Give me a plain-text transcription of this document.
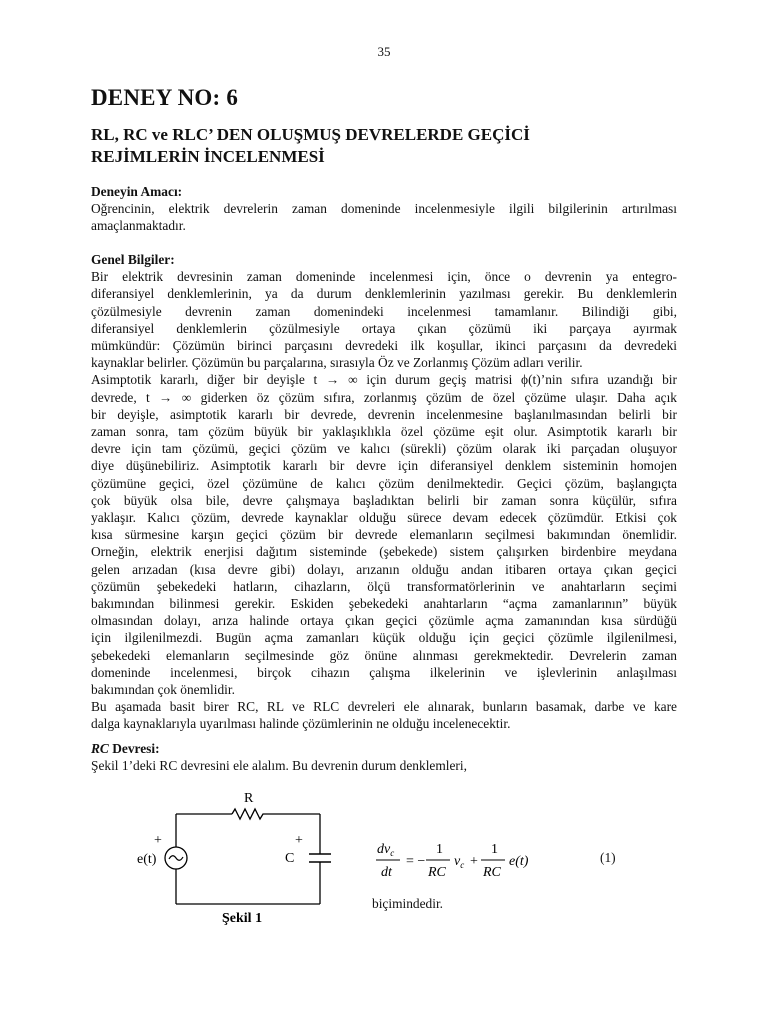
35
DENEY NO: 6
RL, RC ve RLC’ DEN OLUŞMUŞ DEVRELERDE GEÇİCİ
REJİMLERİN İNCELENMESİ
Deneyin Amacı:
Oğrencinin, elektrik devrelerin zaman domeninde incelenmesiyle ilgili bilgilerinin artırılması
amaçlanmaktadır.
Genel Bilgiler:
Bir elektrik devresinin zaman domeninde incelenmesi için, önce o devrenin ya entegro-
diferansiyel denklemlerinin, ya da durum denklemlerinin yazılması gerekir. Bu denklemlerin
çözülmesiyle devrenin zaman domenindeki incelenmesi tamamlanır. Bilindiği gibi,
diferansiyel denklemlerin çözülmesiyle ortaya çıkan çözümü iki parçaya ayırmak
mümkündür: Çözümün birinci parçasını devredeki ilk koşullar, ikinci parçasını da devredeki
kaynaklar belirler. Çözümün bu parçalarına, sırasıyla Öz ve Zorlanmış Çözüm adları verilir.
Asimptotik kararlı, diğer bir deyişle t → ∞ için durum geçiş matrisi ϕ(t)’nin sıfıra uzandığı bir
devrede, t → ∞ giderken öz çözüm sıfıra, zorlanmış çözüm de özel çözüme ulaşır. Daha açık
bir deyişle, asimptotik kararlı bir devrede, devrenin incelenmesine başlanılmasından belirli bir
zaman sonra, tam çözüm büyük bir yaklaşıklıkla özel çözüme eşit olur. Asimptotik kararlı bir
devre için tam çözümü, geçici çözüm ve kalıcı (sürekli) çözüm olarak iki parçadan oluşuyor
diye düşünebiliriz. Asimptotik kararlı bir devre için diferansiyel denklem sisteminin homojen
çözümüne geçici, özel çözümüne de kalıcı çözüm denilmektedir. Geçici çözüm, başlangıçta
çok büyük olsa bile, devre çalışmaya başladıktan belirli bir zaman sonra küçülür, sıfıra
yaklaşır. Kalıcı çözüm, devrede kaynaklar olduğu sürece devam edecek çözümdür. Etkisi çok
kısa sürmesine karşın geçici çözüm bir devrede elemanların seçilmesi bakımından önemlidir.
Orneğin, elektrik enerjisi dağıtım sisteminde (şebekede) sistem çalışırken birdenbire meydana
gelen arızadan (kısa devre gibi) dolayı, arızanın olduğu andan itibaren ortaya çıkan geçici
çözümün şebekedeki hatların, cihazların, ölçü transformatörlerinin ve anahtarların seçimi
bakımından bilinmesi gerekir. Eskiden şebekedeki anahtarların “açma zamanlarının” büyük
olmasından dolayı, arıza halinde ortaya çıkan geçici çözümle açma zamanından kısa sürdüğü
için ilgilenilmezdi. Bugün açma zamanları küçük olduğu için geçici çözümle ilgilenilmesi,
şebekedeki elemanların seçilmesinde göz önüne alınması gerekmektedir. Devrelerin zaman
domeninde incelenmesi, birçok cihazın çalışma ilkelerinin ve işlevlerinin anlaşılması
bakımından çok önemlidir.
Bu aşamada basit birer RC, RL ve RLC devreleri ele alınarak, bunların basamak, darbe ve kare
dalga kaynaklarıyla uyarılması halinde çözümlerinin ne olduğu incelenecektir.
RC Devresi:
Şekil 1’deki RC devresini ele alalım. Bu devrenin durum denklemleri,
R
C
+
+
e(t)
Şekil 1
$dv_c$
dt
= −
1
RC
$v_c$ +
1
RC
e(t)	(1)
biçimindedir.
